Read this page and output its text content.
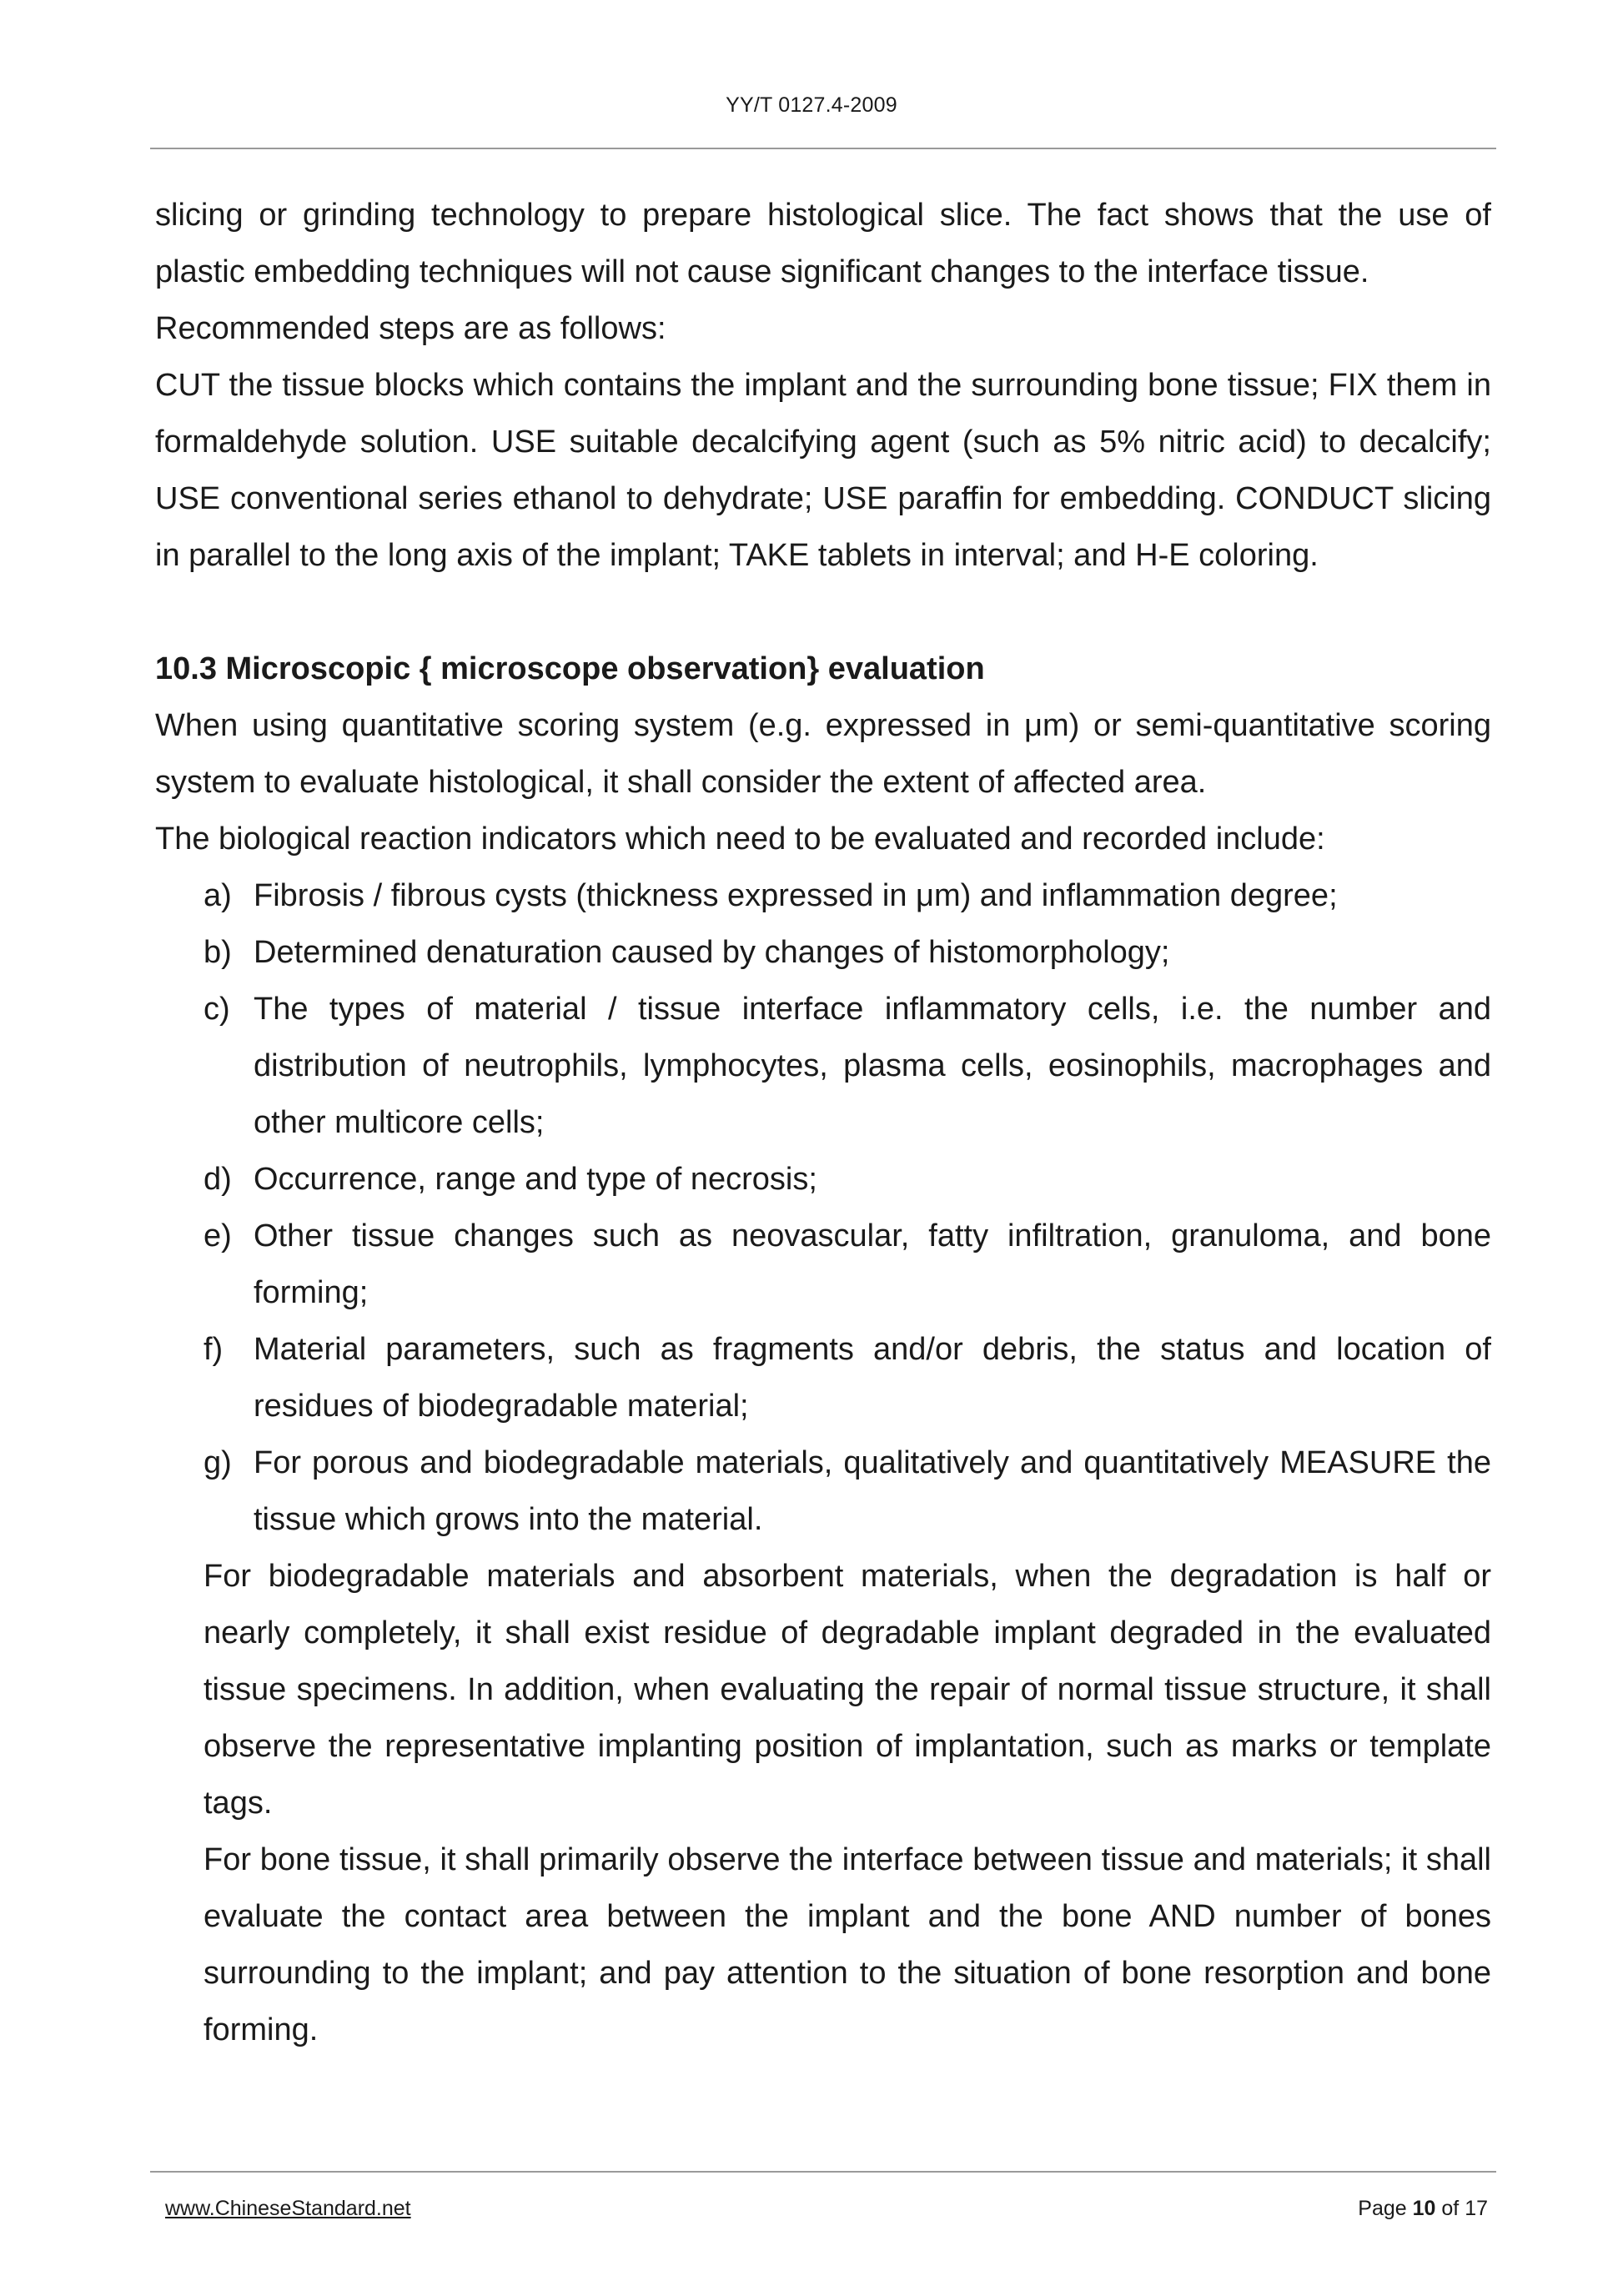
YY/T 0127.4-2009

slicing or grinding technology to prepare histological slice. The fact shows that the use of plastic embedding techniques will not cause significant changes to the interface tissue.

Recommended steps are as follows:

CUT the tissue blocks which contains the implant and the surrounding bone tissue; FIX them in formaldehyde solution. USE suitable decalcifying agent (such as 5% nitric acid) to decalcify; USE conventional series ethanol to dehydrate; USE paraffin for embedding. CONDUCT slicing in parallel to the long axis of the implant; TAKE tablets in interval; and H-E coloring.

10.3 Microscopic { microscope observation} evaluation

When using quantitative scoring system (e.g. expressed in μm) or semi-quantitative scoring system to evaluate histological, it shall consider the extent of affected area.

The biological reaction indicators which need to be evaluated and recorded include:

a) Fibrosis / fibrous cysts (thickness expressed in μm) and inflammation degree;
b) Determined denaturation caused by changes of histomorphology;
c) The types of material / tissue interface inflammatory cells, i.e. the number and distribution of neutrophils, lymphocytes, plasma cells, eosinophils, macrophages and other multicore cells;
d) Occurrence, range and type of necrosis;
e) Other tissue changes such as neovascular, fatty infiltration, granuloma, and bone forming;
f) Material parameters, such as fragments and/or debris, the status and location of residues of biodegradable material;
g) For porous and biodegradable materials, qualitatively and quantitatively MEASURE the tissue which grows into the material.

For biodegradable materials and absorbent materials, when the degradation is half or nearly completely, it shall exist residue of degradable implant degraded in the evaluated tissue specimens. In addition, when evaluating the repair of normal tissue structure, it shall observe the representative implanting position of implantation, such as marks or template tags.

For bone tissue, it shall primarily observe the interface between tissue and materials; it shall evaluate the contact area between the implant and the bone AND number of bones surrounding to the implant; and pay attention to the situation of bone resorption and bone forming.

www.ChineseStandard.net	Page 10 of 17
